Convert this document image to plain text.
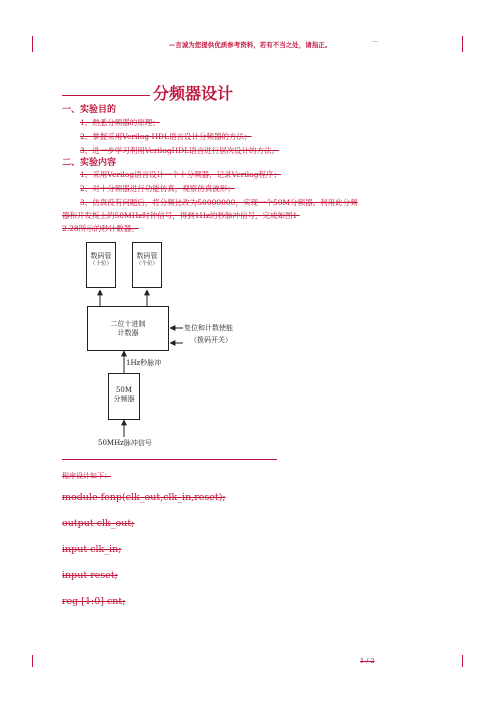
—
—言诚为您提供优质参考资料，若有不当之处，请指正。
分频器设计
一、实验目的
1、熟悉分频器的原理；
2、掌握采用Verilog HDL语言设计分频器的方法；
3、进一步学习利用VerilogHDL语言进行层次设计的方法。
二、实验内容
1、采用Verilog语言设计一个十分频器，记录Verilog程序；
2、对十分频器进行功能仿真，观察仿真波形；
3、仿真没有问题后，将分频比改为50000000，实现一个50M分频器。利用此分频
器和开发板上的50MHz时钟信号，得到1Hz的秒脉冲信号，完成如图1-
2.28所示的秒计数器。
数码管
（十位）
数码管
（个位）
二位十进制
计数器
复位和计数使能
（拨码开关）
1Hz秒脉冲
50M
分频器
50MHz脉冲信号
程序设计如下：
module fenp(clk_out,clk_in,reset);
output clk_out;
input clk_in;
input reset;
reg [1:0] cnt;
1 / 2
